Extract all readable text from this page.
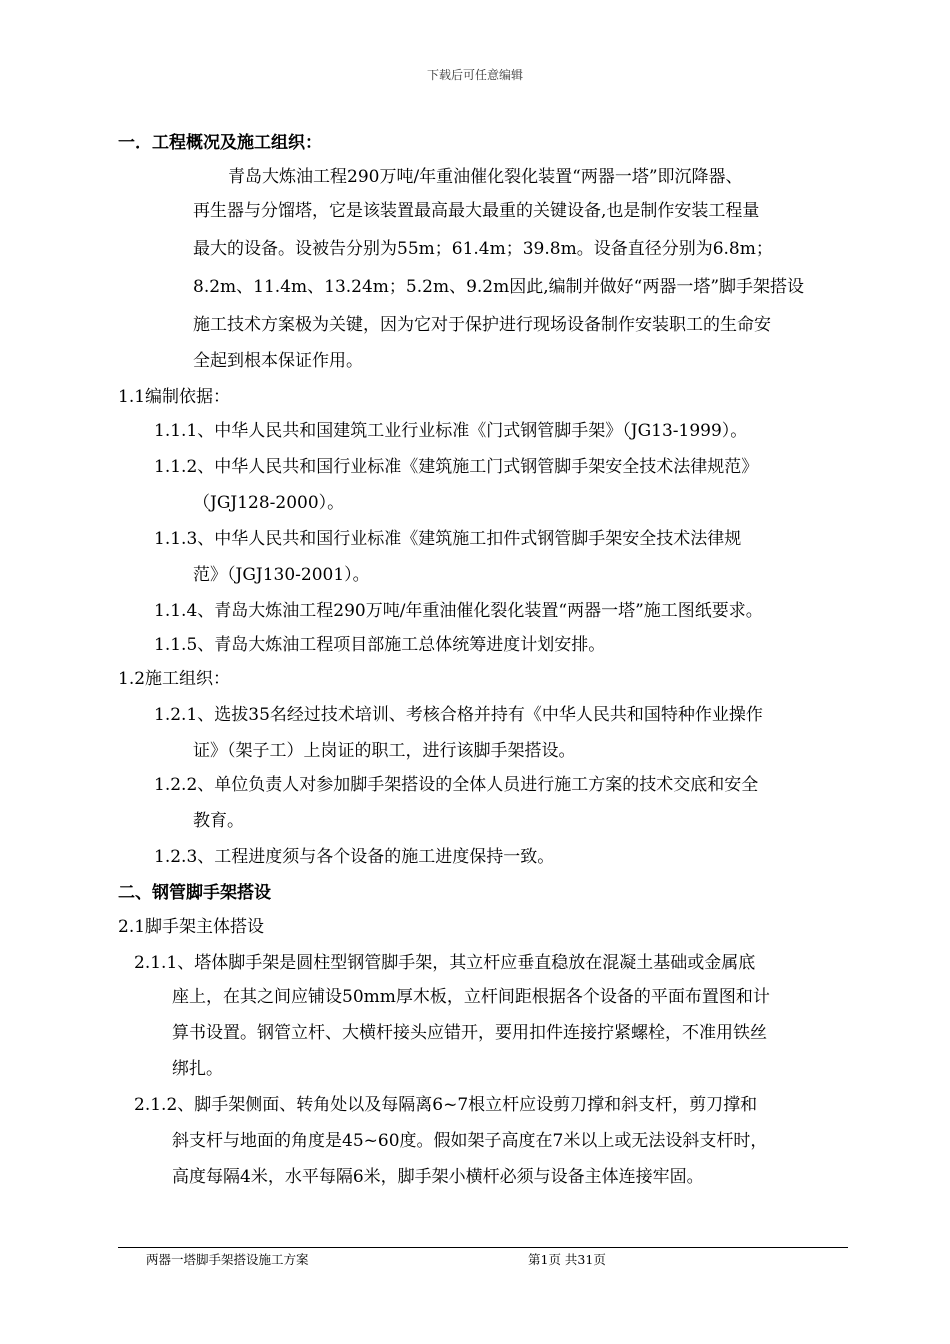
下载后可任意编辑
一．工程概况及施工组织：
青岛大炼油工程290万吨/年重油催化裂化装置“两器一塔”即沉降器、
再生器与分馏塔，它是该装置最高最大最重的关键设备,也是制作安装工程量
最大的设备。设被告分别为55m；61.4m；39.8m。设备直径分别为6.8m；
8.2m、11.4m、13.24m；5.2m、9.2m因此,编制并做好“两器一塔”脚手架搭设
施工技术方案极为关键，因为它对于保护进行现场设备制作安装职工的生命安
全起到根本保证作用。
1.1编制依据：
1.1.1、中华人民共和国建筑工业行业标准《门式钢管脚手架》（JG13-1999）。
1.1.2、中华人民共和国行业标准《建筑施工门式钢管脚手架安全技术法律规范》
（JGJ128-2000）。
1.1.3、中华人民共和国行业标准《建筑施工扣件式钢管脚手架安全技术法律规
范》（JGJ130-2001）。
1.1.4、青岛大炼油工程290万吨/年重油催化裂化装置“两器一塔”施工图纸要求。
1.1.5、青岛大炼油工程项目部施工总体统筹进度计划安排。
1.2施工组织：
1.2.1、选拔35名经过技术培训、考核合格并持有《中华人民共和国特种作业操作
证》（架子工）上岗证的职工，进行该脚手架搭设。
1.2.2、单位负责人对参加脚手架搭设的全体人员进行施工方案的技术交底和安全
教育。
1.2.3、工程进度须与各个设备的施工进度保持一致。
二、钢管脚手架搭设
2.1脚手架主体搭设
2.1.1、塔体脚手架是圆柱型钢管脚手架，其立杆应垂直稳放在混凝土基础或金属底
座上，在其之间应铺设50mm厚木板，立杆间距根据各个设备的平面布置图和计
算书设置。钢管立杆、大横杆接头应错开，要用扣件连接拧紧螺栓，不准用铁丝
绑扎。
2.1.2、脚手架侧面、转角处以及每隔离6~7根立杆应设剪刀撑和斜支杆，剪刀撑和
斜支杆与地面的角度是45~60度。假如架子高度在7米以上或无法设斜支杆时，
高度每隔4米，水平每隔6米，脚手架小横杆必须与设备主体连接牢固。
两器一塔脚手架搭设施工方案	第1页 共31页
